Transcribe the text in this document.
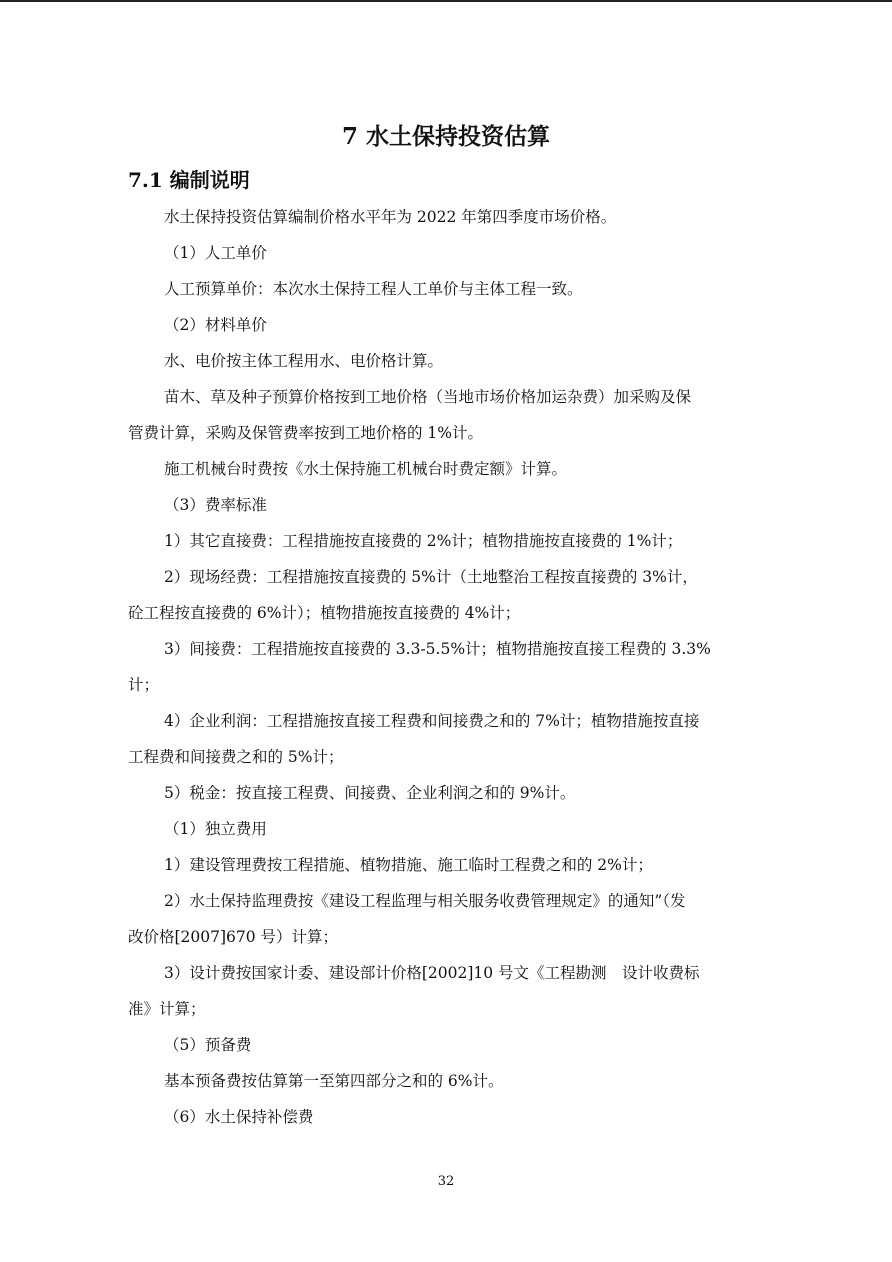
7 水土保持投资估算
7.1 编制说明
水土保持投资估算编制价格水平年为 2022 年第四季度市场价格。
（1）人工单价
人工预算单价：本次水土保持工程人工单价与主体工程一致。
（2）材料单价
水、电价按主体工程用水、电价格计算。
苗木、草及种子预算价格按到工地价格（当地市场价格加运杂费）加采购及保
管费计算，采购及保管费率按到工地价格的 1%计。
施工机械台时费按《水土保持施工机械台时费定额》计算。
（3）费率标准
1）其它直接费：工程措施按直接费的 2%计；植物措施按直接费的 1%计；
2）现场经费：工程措施按直接费的 5%计（土地整治工程按直接费的 3%计，
砼工程按直接费的 6%计）；植物措施按直接费的 4%计；
3）间接费：工程措施按直接费的 3.3-5.5%计；植物措施按直接工程费的 3.3%
计；
4）企业利润：工程措施按直接工程费和间接费之和的 7%计；植物措施按直接
工程费和间接费之和的 5%计；
5）税金：按直接工程费、间接费、企业利润之和的 9%计。
（1）独立费用
1）建设管理费按工程措施、植物措施、施工临时工程费之和的 2%计；
2）水土保持监理费按《建设工程监理与相关服务收费管理规定》的通知”（发
改价格[2007]670 号）计算；
3）设计费按国家计委、建设部计价格[2002]10 号文《工程勘测　设计收费标
准》计算；
（5）预备费
基本预备费按估算第一至第四部分之和的 6%计。
（6）水土保持补偿费
32
